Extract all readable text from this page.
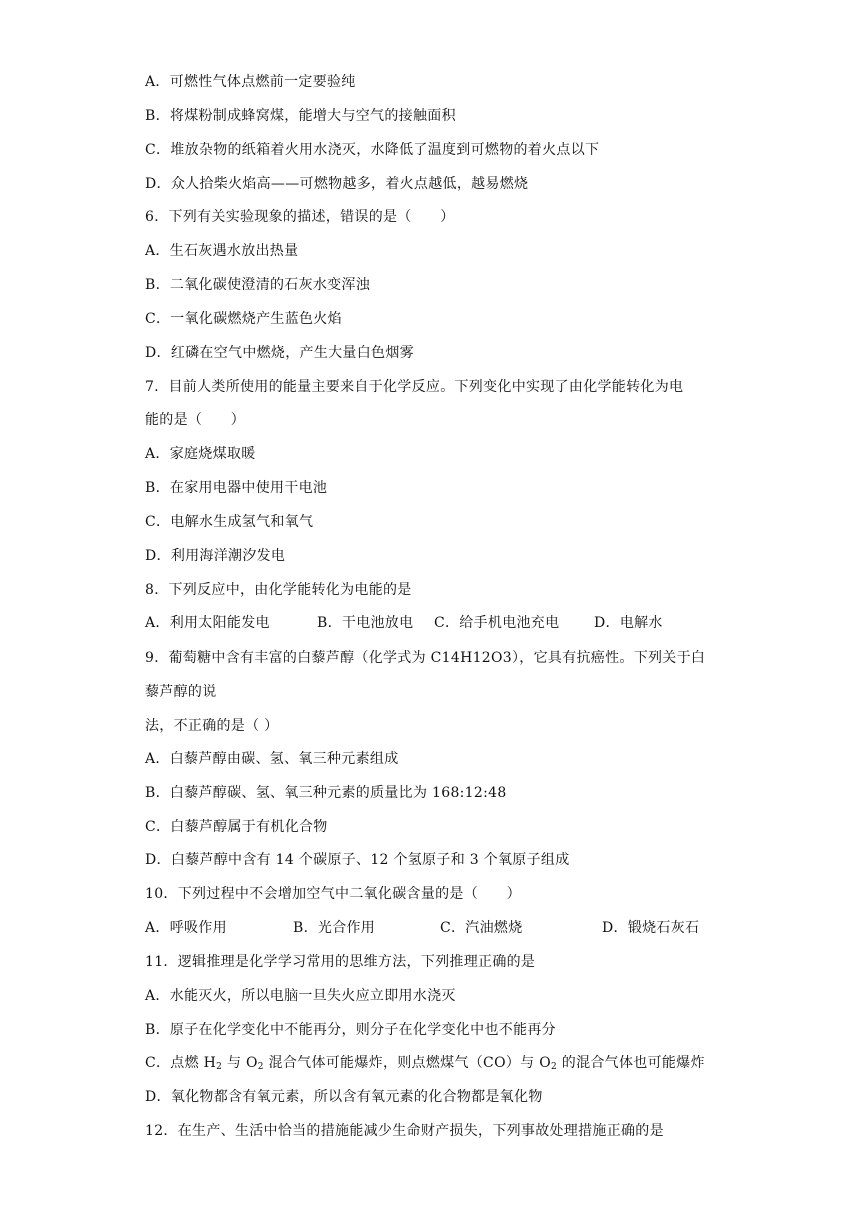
A．可燃性气体点燃前一定要验纯
B．将煤粉制成蜂窝煤，能增大与空气的接触面积
C．堆放杂物的纸箱着火用水浇灭，水降低了温度到可燃物的着火点以下
D．众人拾柴火焰高——可燃物越多，着火点越低，越易燃烧
6．下列有关实验现象的描述，错误的是（　　）
A．生石灰遇水放出热量
B．二氧化碳使澄清的石灰水变浑浊
C．一氧化碳燃烧产生蓝色火焰
D．红磷在空气中燃烧，产生大量白色烟雾
7．目前人类所使用的能量主要来自于化学反应。下列变化中实现了由化学能转化为电
能的是（　　）
A．家庭烧煤取暖
B．在家用电器中使用干电池
C．电解水生成氢气和氧气
D．利用海洋潮汐发电
8．下列反应中，由化学能转化为电能的是
A．利用太阳能发电	B．干电池放电	C．给手机电池充电	D．电解水
9．葡萄糖中含有丰富的白藜芦醇（化学式为 C14H12O3），它具有抗癌性。下列关于白
藜芦醇的说
法，不正确的是（ ）
A．白藜芦醇由碳、氢、氧三种元素组成
B．白藜芦醇碳、氢、氧三种元素的质量比为 168:12:48
C．白藜芦醇属于有机化合物
D．白藜芦醇中含有 14 个碳原子、12 个氢原子和 3 个氧原子组成
10．下列过程中不会增加空气中二氧化碳含量的是（　　）
A．呼吸作用	B．光合作用	C．汽油燃烧	D．锻烧石灰石
11．逻辑推理是化学学习常用的思维方法，下列推理正确的是
A．水能灭火，所以电脑一旦失火应立即用水浇灭
B．原子在化学变化中不能再分，则分子在化学变化中也不能再分
C．点燃 $H_2$ 与 $O_2$ 混合气体可能爆炸，则点燃煤气（CO）与 $O_2$ 的混合气体也可能爆炸
D．氧化物都含有氧元素，所以含有氧元素的化合物都是氧化物
12．在生产、生活中恰当的措施能减少生命财产损失，下列事故处理措施正确的是
